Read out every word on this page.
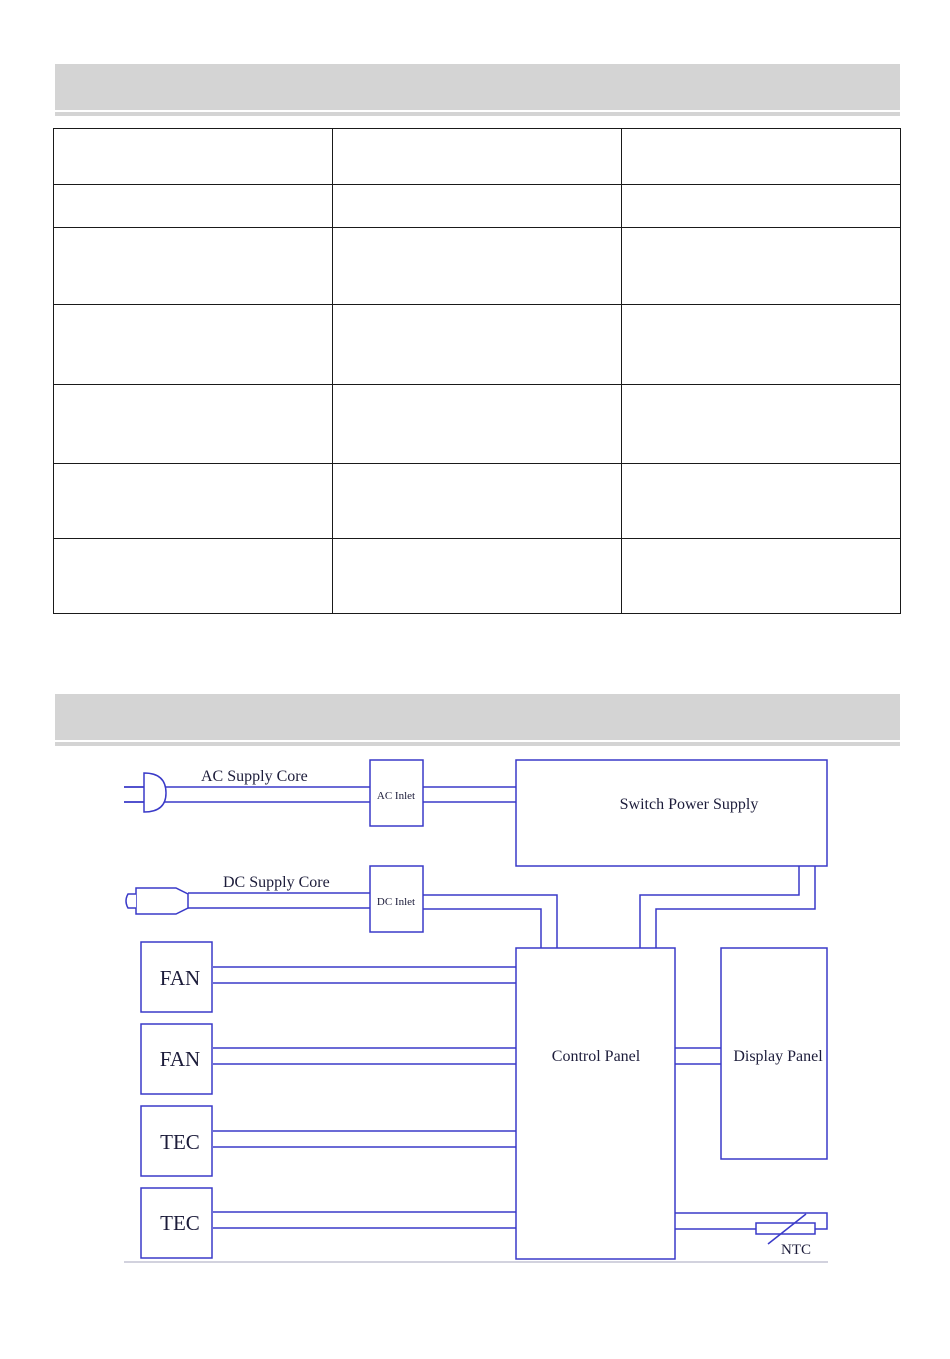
AC Supply Core
AC Inlet
DC Supply Core
DC Inlet
Switch Power Supply
Control Panel	Display Panel
FAN
FAN
TEC
TEC
NTC
